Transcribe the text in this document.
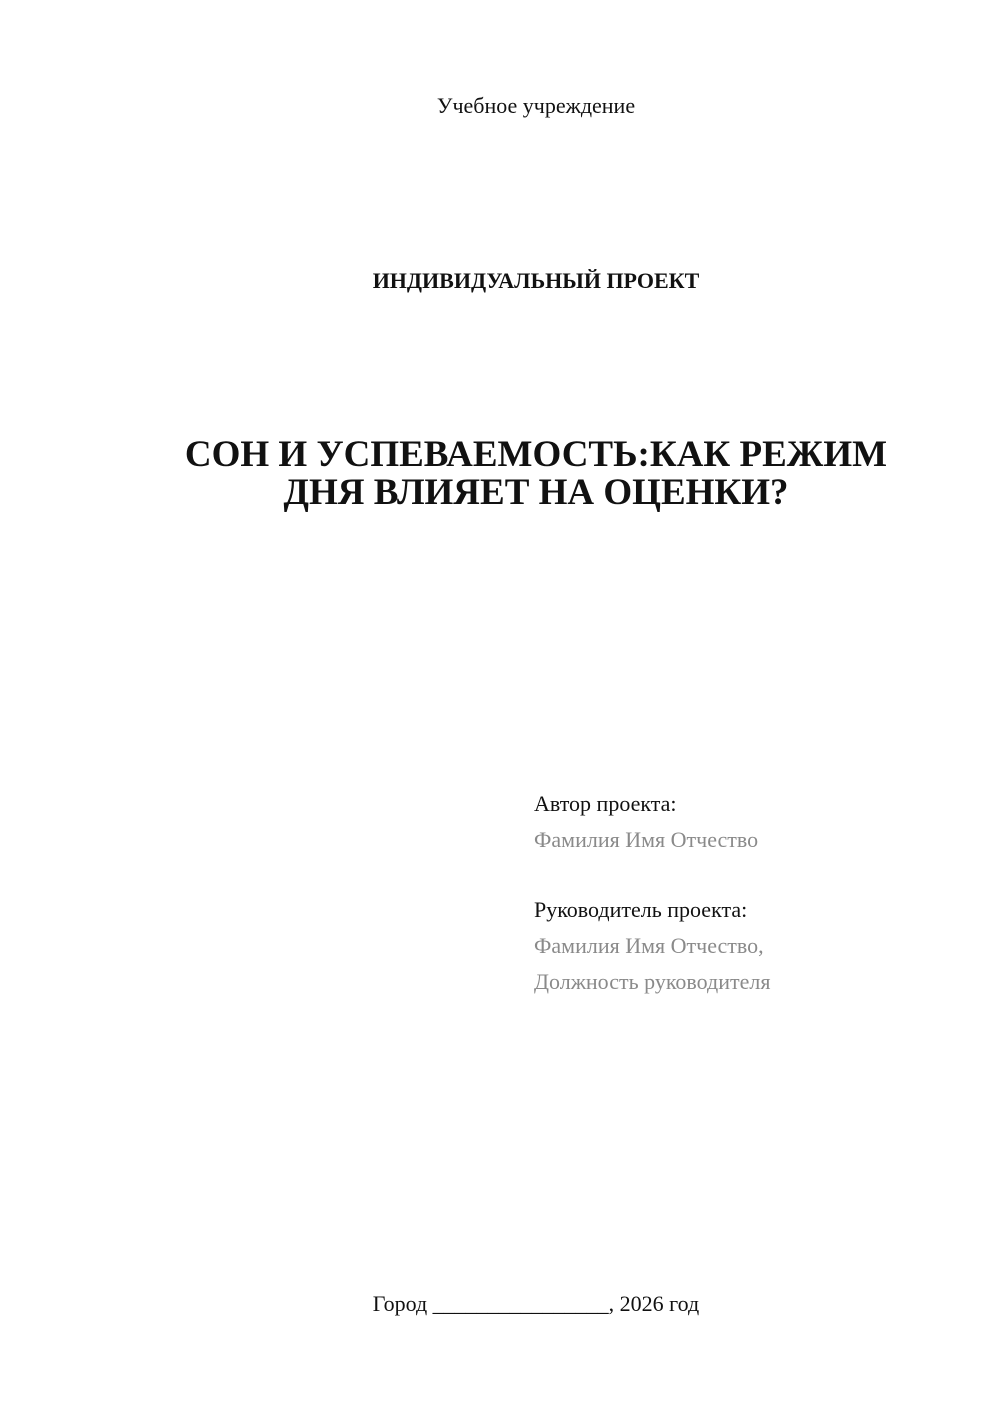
Учебное учреждение
ИНДИВИДУАЛЬНЫЙ ПРОЕКТ
СОН И УСПЕВАЕМОСТЬ:КАК РЕЖИМ
ДНЯ ВЛИЯЕТ НА ОЦЕНКИ?
Автор проекта:
Фамилия Имя Отчество
Руководитель проекта:
Фамилия Имя Отчество,
Должность руководителя
Город ________________, 2026 год
